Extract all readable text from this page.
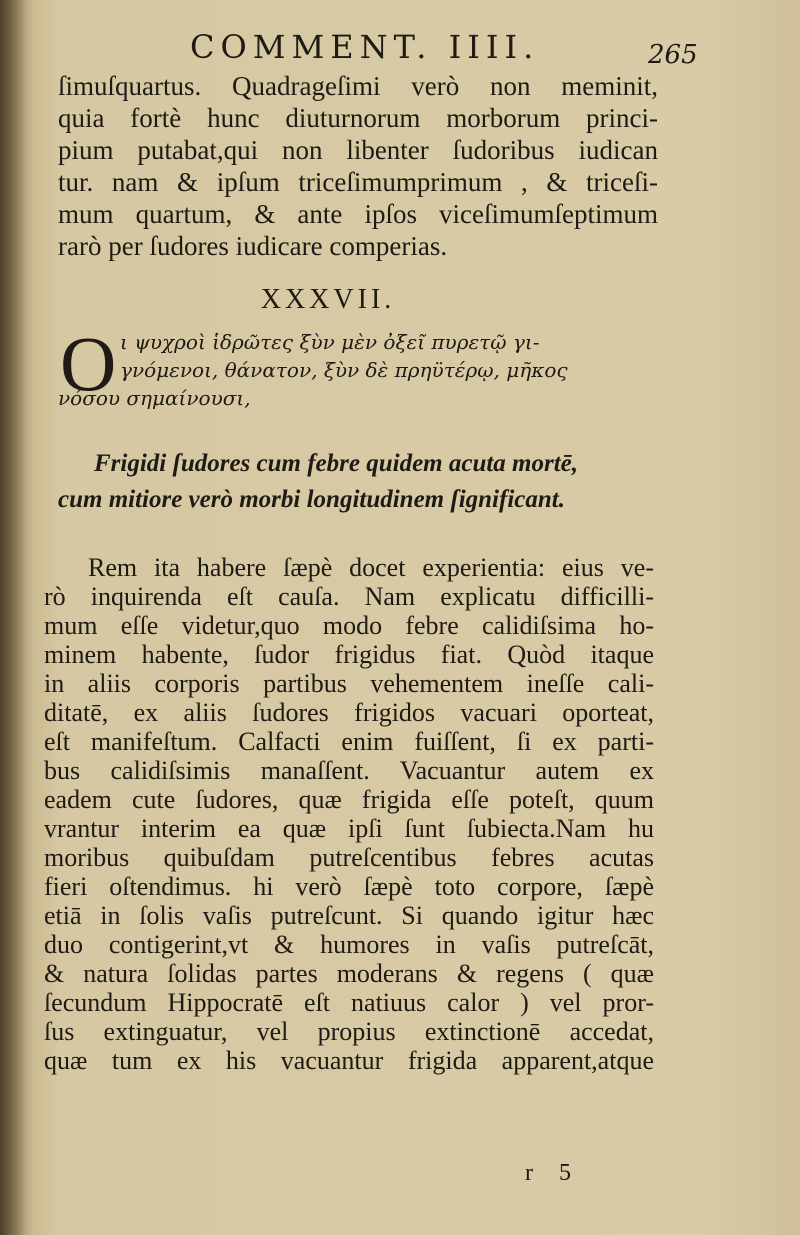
COMMENT. IIII.	265
ſimuſquartus. Quadrageſimi verò non meminit,
quia fortè hunc diuturnorum morborum princi-
pium putabat,qui non libenter ſudoribus iudican
tur. nam & ipſum triceſimumprimum , & triceſi-
mum quartum, & ante ipſos viceſimumſeptimum
rarò per ſudores iudicare comperias.
XXXVII.
O ι ψυχροὶ ἱδρῶτες ξὺν μὲν ὀξεῖ πυρετῷ γι-
γνόμενοι, θάνατον, ξὺν δὲ πρηϋτέρῳ, μῆκος
νόσου σημαίνουσι,
Frigidi ſudores cum febre quidem acuta mortē,
cum mitiore verò morbi longitudinem ſignificant.
Rem ita habere ſæpè docet experientia: eius ve-
rò inquirenda eſt cauſa. Nam explicatu difficilli-
mum eſſe videtur,quo modo febre calidiſsima ho-
minem habente, ſudor frigidus fiat. Quòd itaque
in aliis corporis partibus vehementem ineſſe cali-
ditatē, ex aliis ſudores frigidos vacuari oporteat,
eſt manifeſtum. Calfacti enim fuiſſent, ſi ex parti-
bus calidiſsimis manaſſent. Vacuantur autem ex
eadem cute ſudores, quæ frigida eſſe poteſt, quum
vrantur interim ea quæ ipſi ſunt ſubiecta.Nam hu
moribus quibuſdam putreſcentibus febres acutas
fieri oſtendimus. hi verò ſæpè toto corpore, ſæpè
etiā in ſolis vaſis putreſcunt. Si quando igitur hæc
duo contigerint,vt & humores in vaſis putreſcāt,
& natura ſolidas partes moderans & regens ( quæ
ſecundum Hippocratē eſt natiuus calor ) vel pror-
ſus extinguatur, vel propius extinctionē accedat,
quæ tum ex his vacuantur frigida apparent,atque
r 5
